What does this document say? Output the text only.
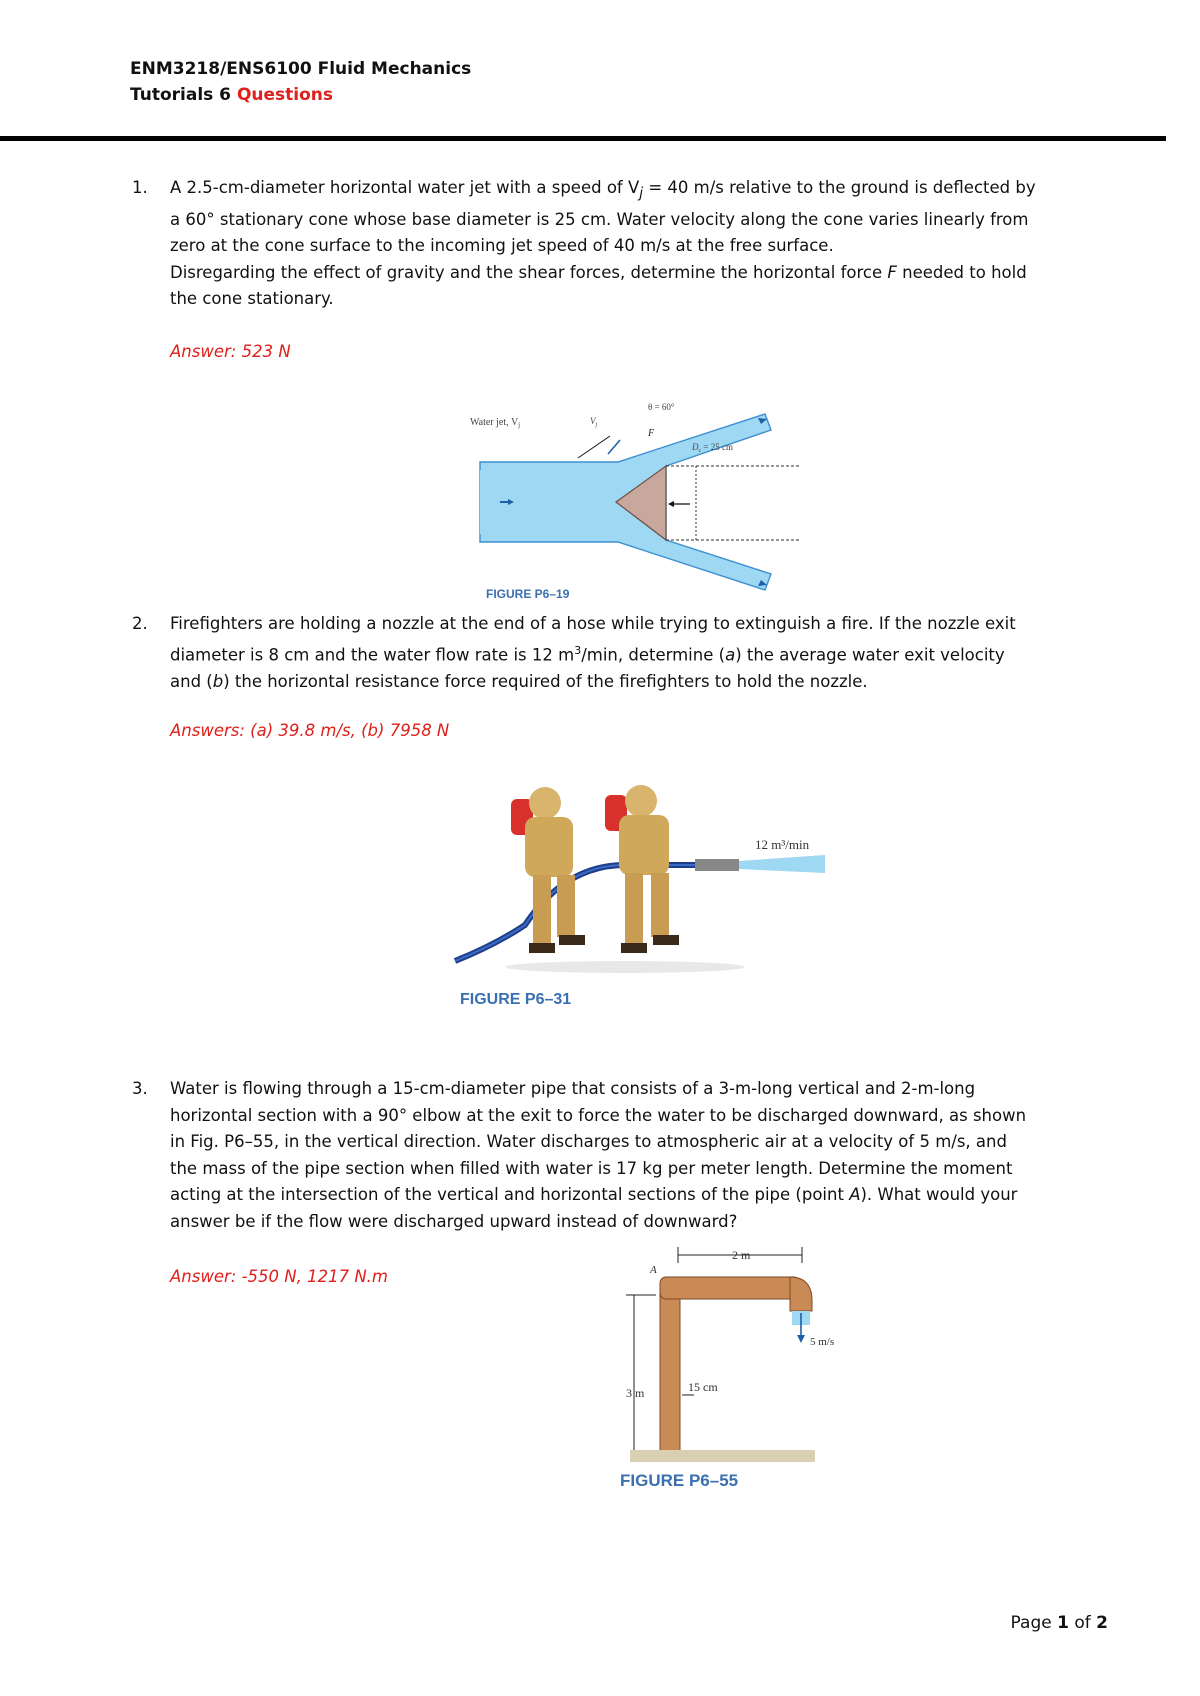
ENM3218/ENS6100 Fluid Mechanics
Tutorials 6 Questions
1. A 2.5-cm-diameter horizontal water jet with a speed of $V_j = 40$ m/s relative to the ground is deflected by
a 60° stationary cone whose base diameter is 25 cm. Water velocity along the cone varies linearly from
zero at the cone surface to the incoming jet speed of 40 m/s at the free surface.
Disregarding the effect of gravity and the shear forces, determine the horizontal force F needed to hold
the cone stationary.
Answer: 523 N
Water jet, $V_j$	$V_j$
θ = 60°
F
$D_c = 25$ cm
FIGURE P6–19
2. Firefighters are holding a nozzle at the end of a hose while trying to extinguish a fire. If the nozzle exit
diameter is 8 cm and the water flow rate is 12 $m^3/\min$, determine (a) the average water exit velocity
and (b) the horizontal resistance force required of the firefighters to hold the nozzle.
Answers: (a) 39.8 m/s, (b) 7958 N
12 m³/min
FIGURE P6–31
3. Water is flowing through a 15-cm-diameter pipe that consists of a 3-m-long vertical and 2-m-long
horizontal section with a 90° elbow at the exit to force the water to be discharged downward, as shown
in Fig. P6–55, in the vertical direction. Water discharges to atmospheric air at a velocity of 5 m/s, and
the mass of the pipe section when filled with water is 17 kg per meter length. Determine the moment
acting at the intersection of the vertical and horizontal sections of the pipe (point A). What would your
answer be if the flow were discharged upward instead of downward?
Answer: -550 N, 1217 N.m
2 m
A
3 m
5 m/s
15 cm
FIGURE P6–55
Page 1 of 2
